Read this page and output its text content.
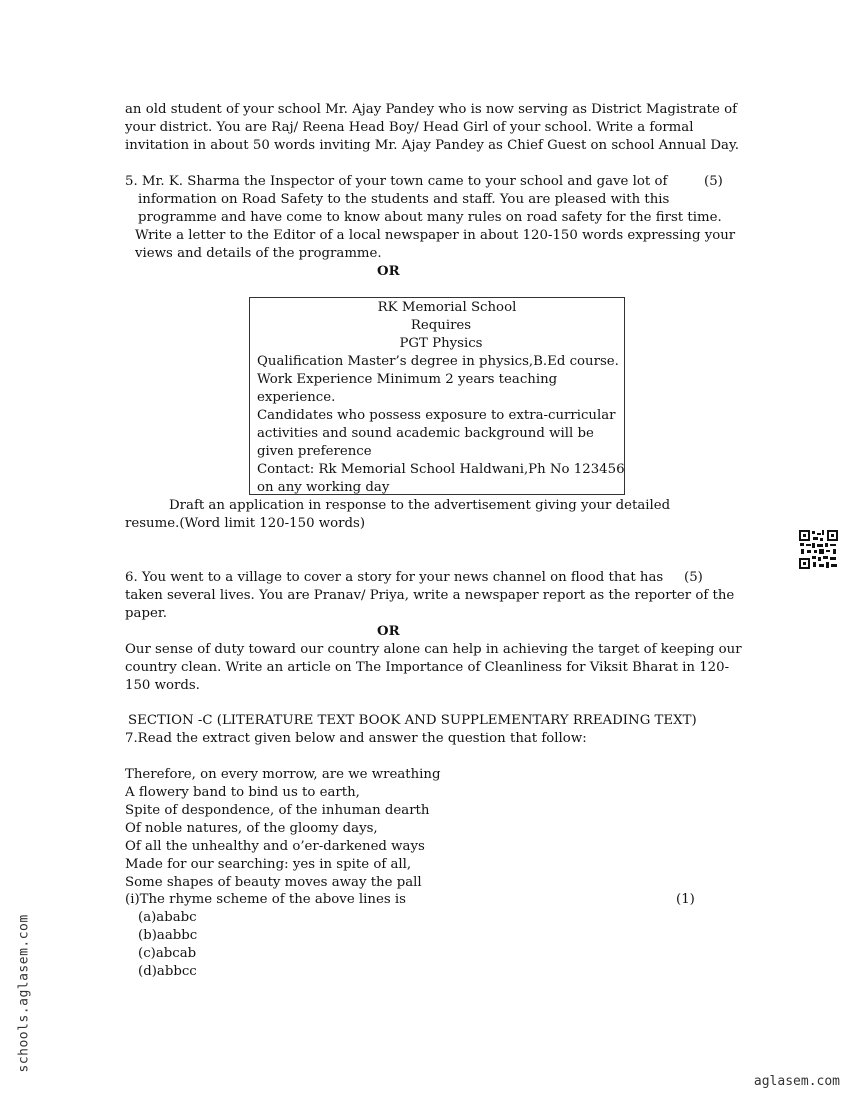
an old student of your school Mr. Ajay Pandey who is now serving as District Magistrate of
your district. You are Raj/ Reena Head Boy/ Head Girl of your school. Write a formal
invitation in about 50 words inviting Mr. Ajay Pandey as Chief Guest on school Annual Day.
5. Mr. K. Sharma the Inspector of your town came to your school and gave lot of	(5)
information on Road Safety to the students and staff. You are pleased with this
programme and have come to know about many rules on road safety for the first time.
Write a letter to the Editor of a local newspaper in about 120-150 words expressing your
views and details of the programme.
OR
RK Memorial School
Requires
PGT Physics
Qualification Master’s degree in physics,B.Ed course.
Work Experience Minimum 2 years teaching
experience.
Candidates who possess exposure to extra-curricular
activities and sound academic background will be
given preference
Contact: Rk Memorial School Haldwani,Ph No 123456
on any working day
Draft an application in response to the advertisement giving your detailed
resume.(Word limit 120-150 words)
6. You went to a village to cover a story for your news channel on flood that has (5)
taken several lives. You are Pranav/ Priya, write a newspaper report as the reporter of the
paper.
OR
Our sense of duty toward our country alone can help in achieving the target of keeping our
country clean. Write an article on The Importance of Cleanliness for Viksit Bharat in 120-
150 words.
SECTION -C (LITERATURE TEXT BOOK AND SUPPLEMENTARY RREADING TEXT)
7.Read the extract given below and answer the question that follow:
Therefore, on every morrow, are we wreathing
A flowery band to bind us to earth,
Spite of despondence, of the inhuman dearth
Of noble natures, of the gloomy days,
Of all the unhealthy and o’er-darkened ways
Made for our searching: yes in spite of all,
Some shapes of beauty moves away the pall
(i)The rhyme scheme of the above lines is	(1)
(a)ababc
(b)aabbc
(c)abcab
(d)abbcc
schools.aglasem.com
aglasem.com
